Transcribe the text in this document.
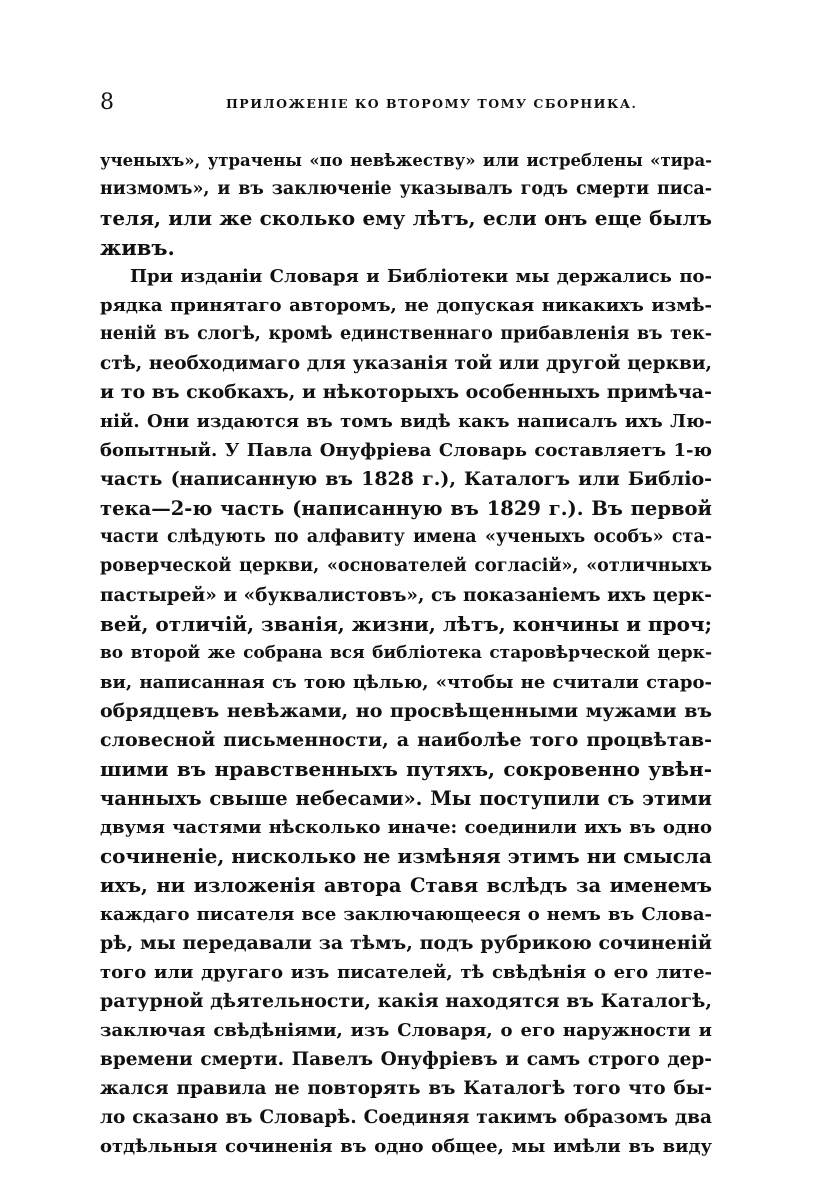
8	ПРИЛОЖЕНІЕ КО ВТОРОМУ ТОМУ СБОРНИКА.
ученыхъ», утрачены «по невѣжеству» или истреблены «тира-
низмомъ», и въ заключеніе указывалъ годъ смерти писа-
теля, или же сколько ему лѣтъ, если онъ еще былъ
живъ.
При изданіи Словаря и Библіотеки мы держались по-
рядка принятаго авторомъ, не допуская никакихъ измѣ-
неній въ слогѣ, кромѣ единственнаго прибавленія въ тек-
стѣ, необходимаго для указанія той или другой церкви,
и то въ скобкахъ, и нѣкоторыхъ особенныхъ примѣча-
ній. Они издаются въ томъ видѣ какъ написалъ ихъ Лю-
бопытный. У Павла Онуфріева Словарь составляетъ 1-ю
часть (написанную въ 1828 г.), Каталогъ или Библіо-
тека—2-ю часть (написанную въ 1829 г.). Въ первой
части слѣдують по алфавиту имена «ученыхъ особъ» ста-
роверческой церкви, «основателей согласій», «отличныхъ
пастырей» и «буквалистовъ», съ показаніемъ ихъ церк-
вей, отличій, званія, жизни, лѣтъ, кончины и проч;
во второй же собрана вся библіотека старовѣрческой церк-
ви, написанная съ тою цѣлью, «чтобы не считали старо-
обрядцевъ невѣжами, но просвѣщенными мужами въ
словесной письменности, а наиболѣе того процвѣтав-
шими въ нравственныхъ путяхъ, сокровенно увѣн-
чанныхъ свыше небесами». Мы поступили съ этими
двумя частями нѣсколько иначе: соединили ихъ въ одно
сочиненіе, нисколько не измѣняя этимъ ни смысла
ихъ, ни изложенія автора Ставя вслѣдъ за именемъ
каждаго писателя все заключающееся о немъ въ Слова-
рѣ, мы передавали за тѣмъ, подъ рубрикою сочиненій
того или другаго изъ писателей, тѣ свѣдѣнія о его литe-
ратурной дѣятельности, какія находятся въ Каталогѣ,
заключая свѣдѣніями, изъ Словаря, о его наружности и
времени смерти. Павелъ Онуфріевъ и самъ строго дер-
жался правила не повторять въ Каталогѣ того что бы-
ло сказано въ Словарѣ. Соединяя такимъ образомъ два
отдѣльныя сочиненія въ одно общее, мы имѣли въ виду
